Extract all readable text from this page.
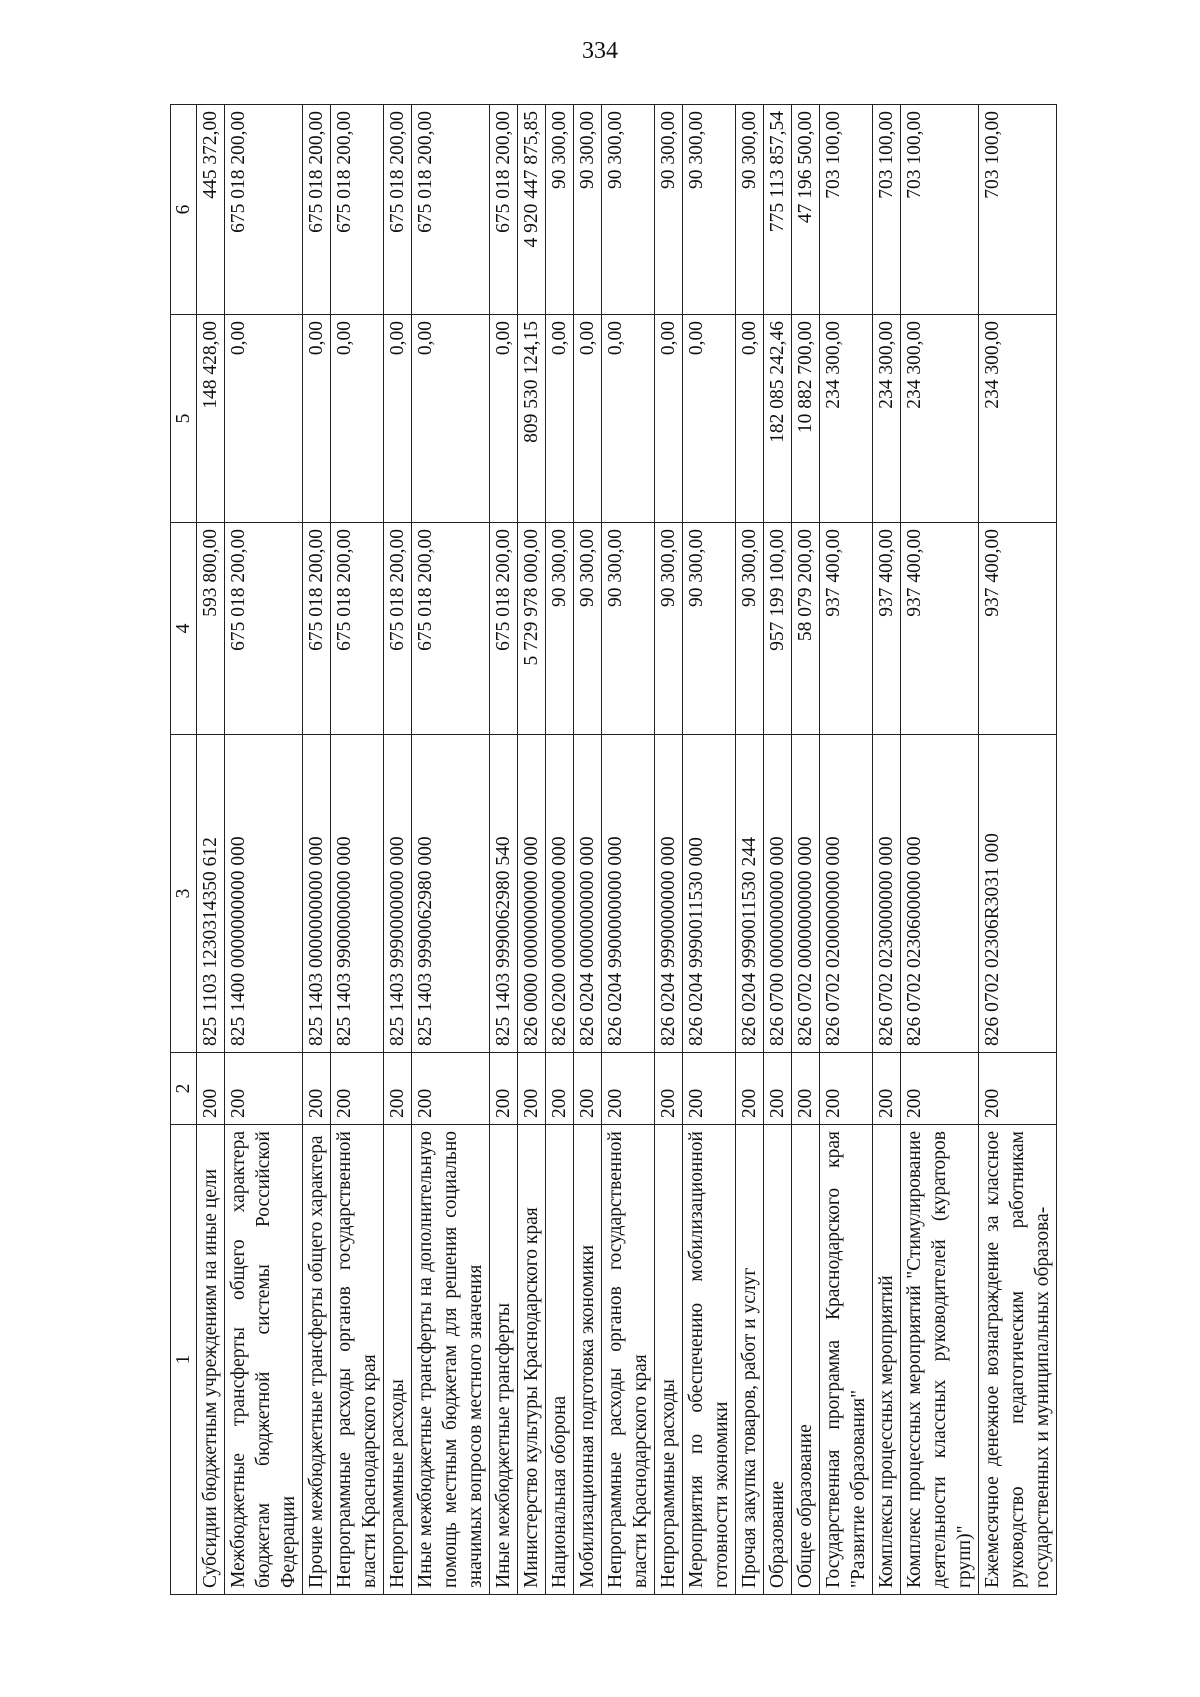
334
1	2	3	4	5	6
Субсидии бюджетным учреждениям на иные цели	200	825 1103 1230314350 612	593 800,00	148 428,00	445 372,00
Межбюджетные трансферты общего характера бюджетам бюджетной системы Российской Федерации	200	825 1400 0000000000 000	675 018 200,00	0,00	675 018 200,00
Прочие межбюджетные трансферты общего характера	200	825 1403 0000000000 000	675 018 200,00	0,00	675 018 200,00
Непрограммные расходы органов государственной власти Краснодарского края	200	825 1403 9900000000 000	675 018 200,00	0,00	675 018 200,00
Непрограммные расходы	200	825 1403 9990000000 000	675 018 200,00	0,00	675 018 200,00
Иные межбюджетные трансферты на дополнительную помощь местным бюджетам для решения социально значимых вопросов местного значения	200	825 1403 9990062980 000	675 018 200,00	0,00	675 018 200,00
Иные межбюджетные трансферты	200	825 1403 9990062980 540	675 018 200,00	0,00	675 018 200,00
Министерство культуры Краснодарского края	200	826 0000 0000000000 000	5 729 978 000,00	809 530 124,15	4 920 447 875,85
Национальная оборона	200	826 0200 0000000000 000	90 300,00	0,00	90 300,00
Мобилизационная подготовка экономики	200	826 0204 0000000000 000	90 300,00	0,00	90 300,00
Непрограммные расходы органов государственной власти Краснодарского края	200	826 0204 9900000000 000	90 300,00	0,00	90 300,00
Непрограммные расходы	200	826 0204 9990000000 000	90 300,00	0,00	90 300,00
Мероприятия по обеспечению мобилизационной готовности экономики	200	826 0204 9990011530 000	90 300,00	0,00	90 300,00
Прочая закупка товаров, работ и услуг	200	826 0204 9990011530 244	90 300,00	0,00	90 300,00
Образование	200	826 0700 0000000000 000	957 199 100,00	182 085 242,46	775 113 857,54
Общее образование	200	826 0702 0000000000 000	58 079 200,00	10 882 700,00	47 196 500,00
Государственная программа Краснодарского края "Развитие образования"	200	826 0702 0200000000 000	937 400,00	234 300,00	703 100,00
Комплексы процессных мероприятий	200	826 0702 0230000000 000	937 400,00	234 300,00	703 100,00
Комплекс процессных мероприятий "Стимулирование деятельности классных руководителей (кураторов групп)"	200	826 0702 0230600000 000	937 400,00	234 300,00	703 100,00
Ежемесячное денежное вознаграждение за классное руководство педагогическим работникам государственных и муниципальных образова-	200	826 0702 02306R3031 000	937 400,00	234 300,00	703 100,00
